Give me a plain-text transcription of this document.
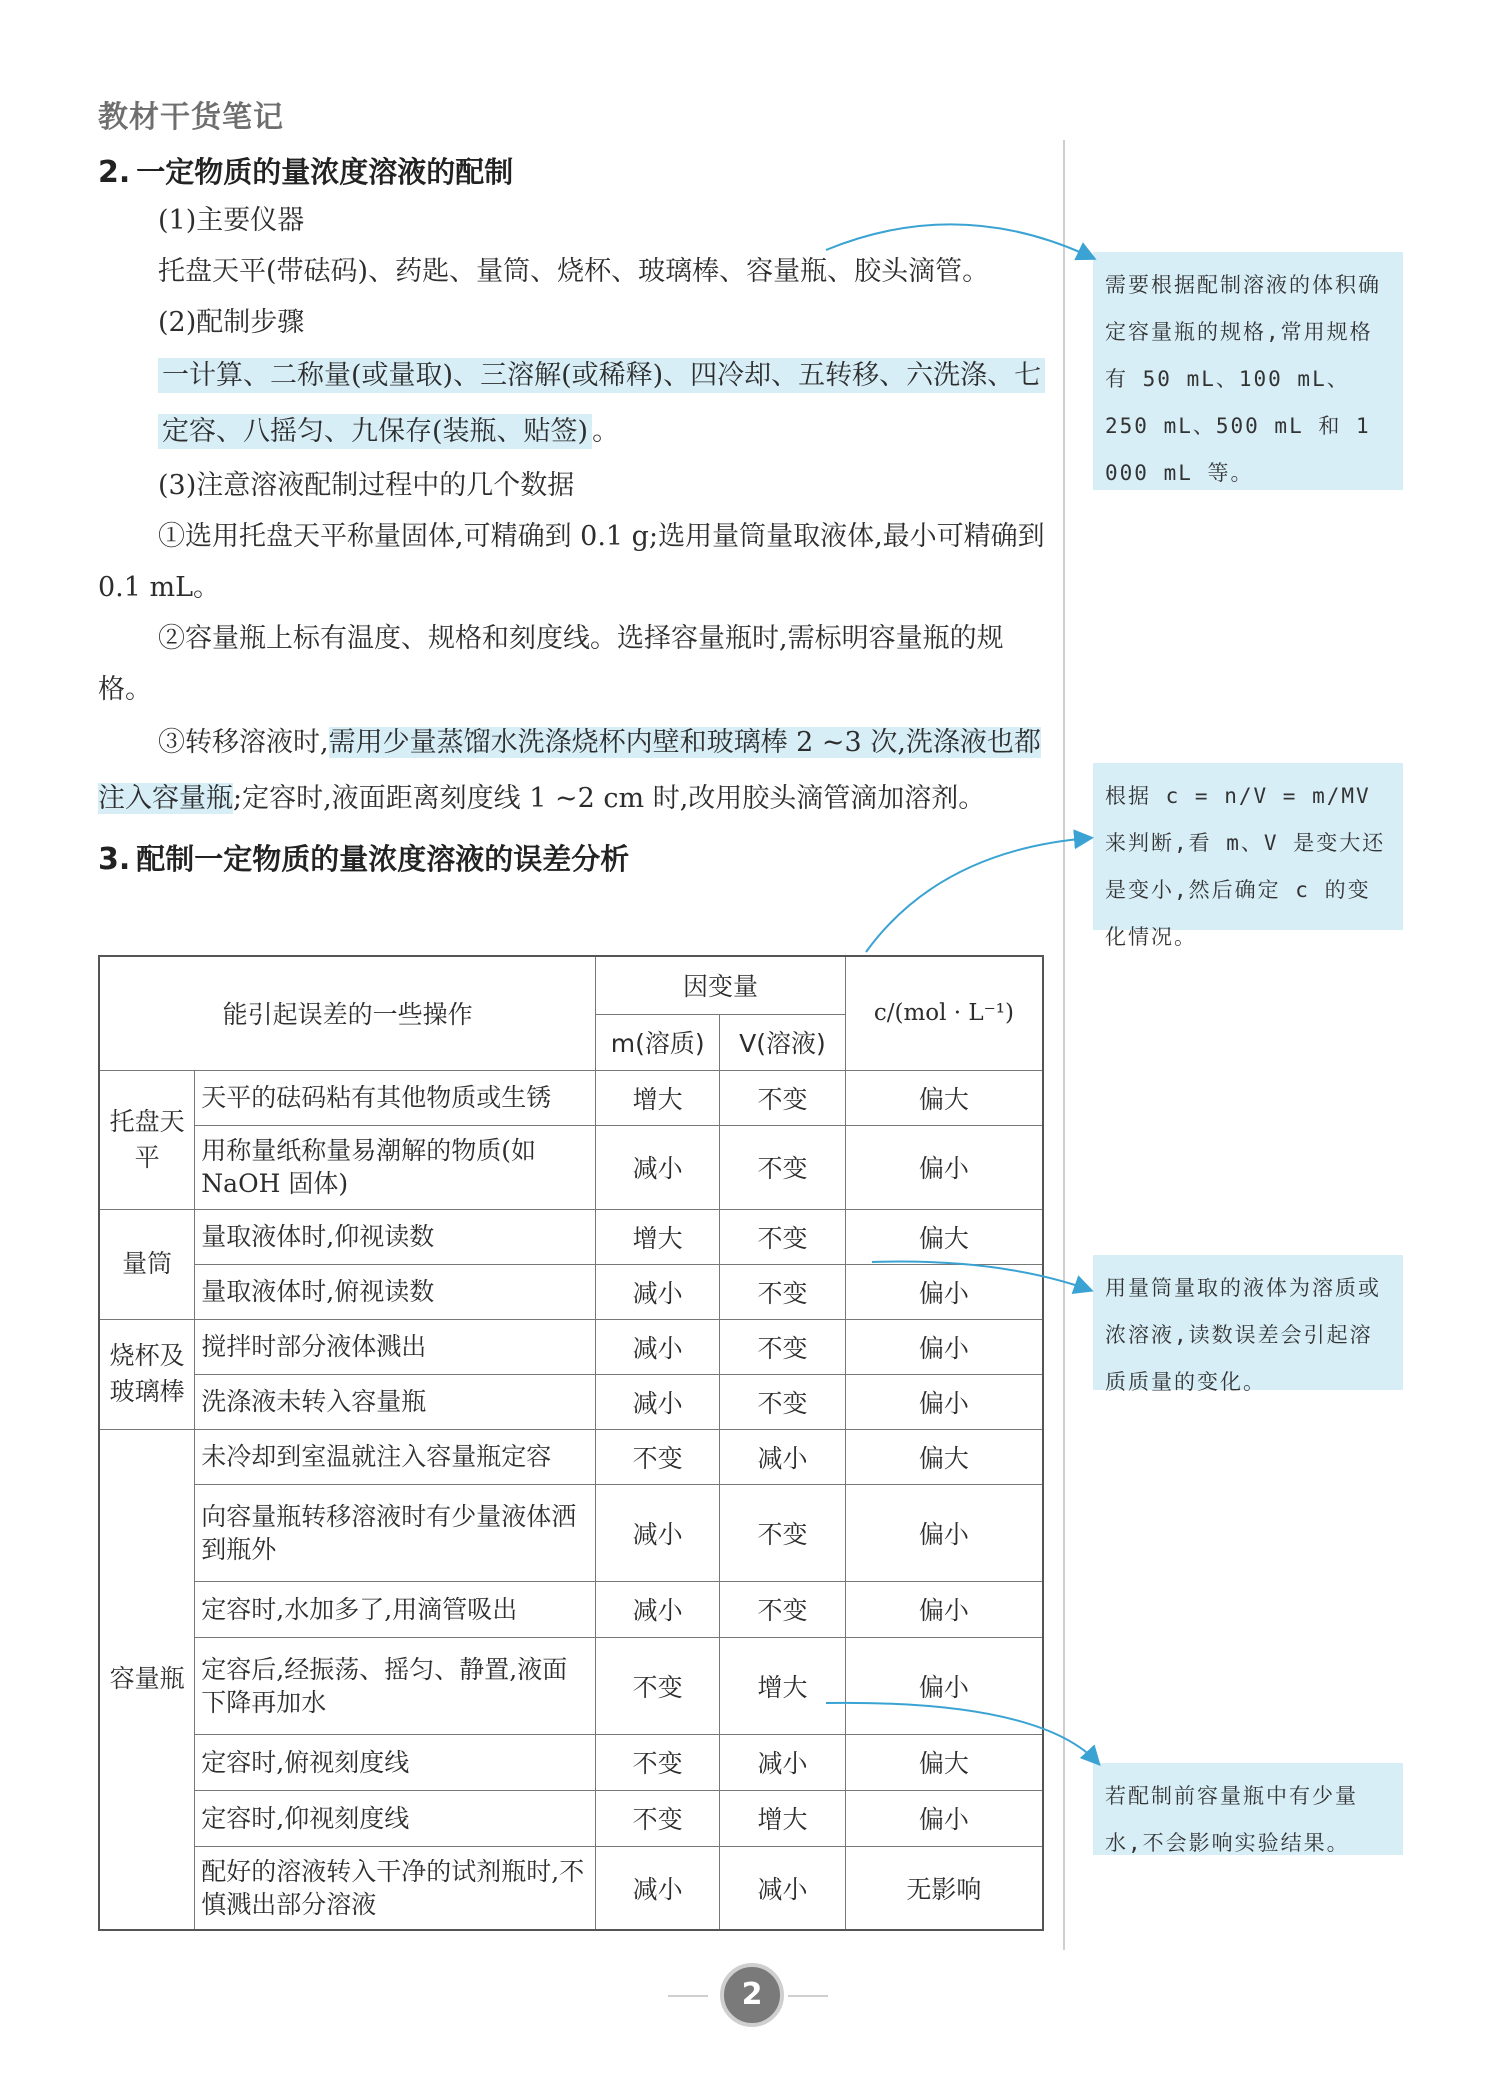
教材干货笔记

2. 一定物质的量浓度溶液的配制

(1)主要仪器

托盘天平(带砝码)、药匙、量筒、烧杯、玻璃棒、容量瓶、胶头滴管。

(2)配制步骤

一计算、二称量(或量取)、三溶解(或稀释)、四冷却、五转移、六洗涤、七定容、八摇匀、九保存(装瓶、贴签) 。

(3)注意溶液配制过程中的几个数据

①选用托盘天平称量固体,可精确到 0.1 g;选用量筒量取液体,最小可精确到 0.1 mL。

②容量瓶上标有温度、规格和刻度线。选择容量瓶时,需标明容量瓶的规格。

③转移溶液时,需用少量蒸馏水洗涤烧杯内壁和玻璃棒 2 ~3 次,洗涤液也都注入容量瓶;定容时,液面距离刻度线 1 ~2 cm 时,改用胶头滴管滴加溶剂。

3. 配制一定物质的量浓度溶液的误差分析

能引起误差的一些操作		因变量		c/(mol · L⁻¹)
		m(溶质)	V(溶液)	
托盘天平	天平的砝码粘有其他物质或生锈	增大	不变	偏大
	用称量纸称量易潮解的物质(如 NaOH 固体)	减小	不变	偏小
量筒	量取液体时,仰视读数	增大	不变	偏大
	量取液体时,俯视读数	减小	不变	偏小
烧杯及玻璃棒	搅拌时部分液体溅出	减小	不变	偏小
	洗涤液未转入容量瓶	减小	不变	偏小
容量瓶	未冷却到室温就注入容量瓶定容	不变	减小	偏大
	向容量瓶转移溶液时有少量液体洒到瓶外	减小	不变	偏小
	定容时,水加多了,用滴管吸出	减小	不变	偏小
	定容后,经振荡、摇匀、静置,液面下降再加水	不变	增大	偏小
	定容时,俯视刻度线	不变	减小	偏大
	定容时,仰视刻度线	不变	增大	偏小
	配好的溶液转入干净的试剂瓶时,不慎溅出部分溶液	减小	减小	无影响
需要根据配制溶液的体积确定容量瓶的规格,常用规格有 50 mL、100 mL、250 mL、500 mL 和 1 000 mL 等。
根据 c = n/V = m/MV 来判断,看 m、V 是变大还是变小,然后确定 c 的变化情况。
用量筒量取的液体为溶质或浓溶液,读数误差会引起溶质质量的变化。
若配制前容量瓶中有少量水,不会影响实验结果。
2
